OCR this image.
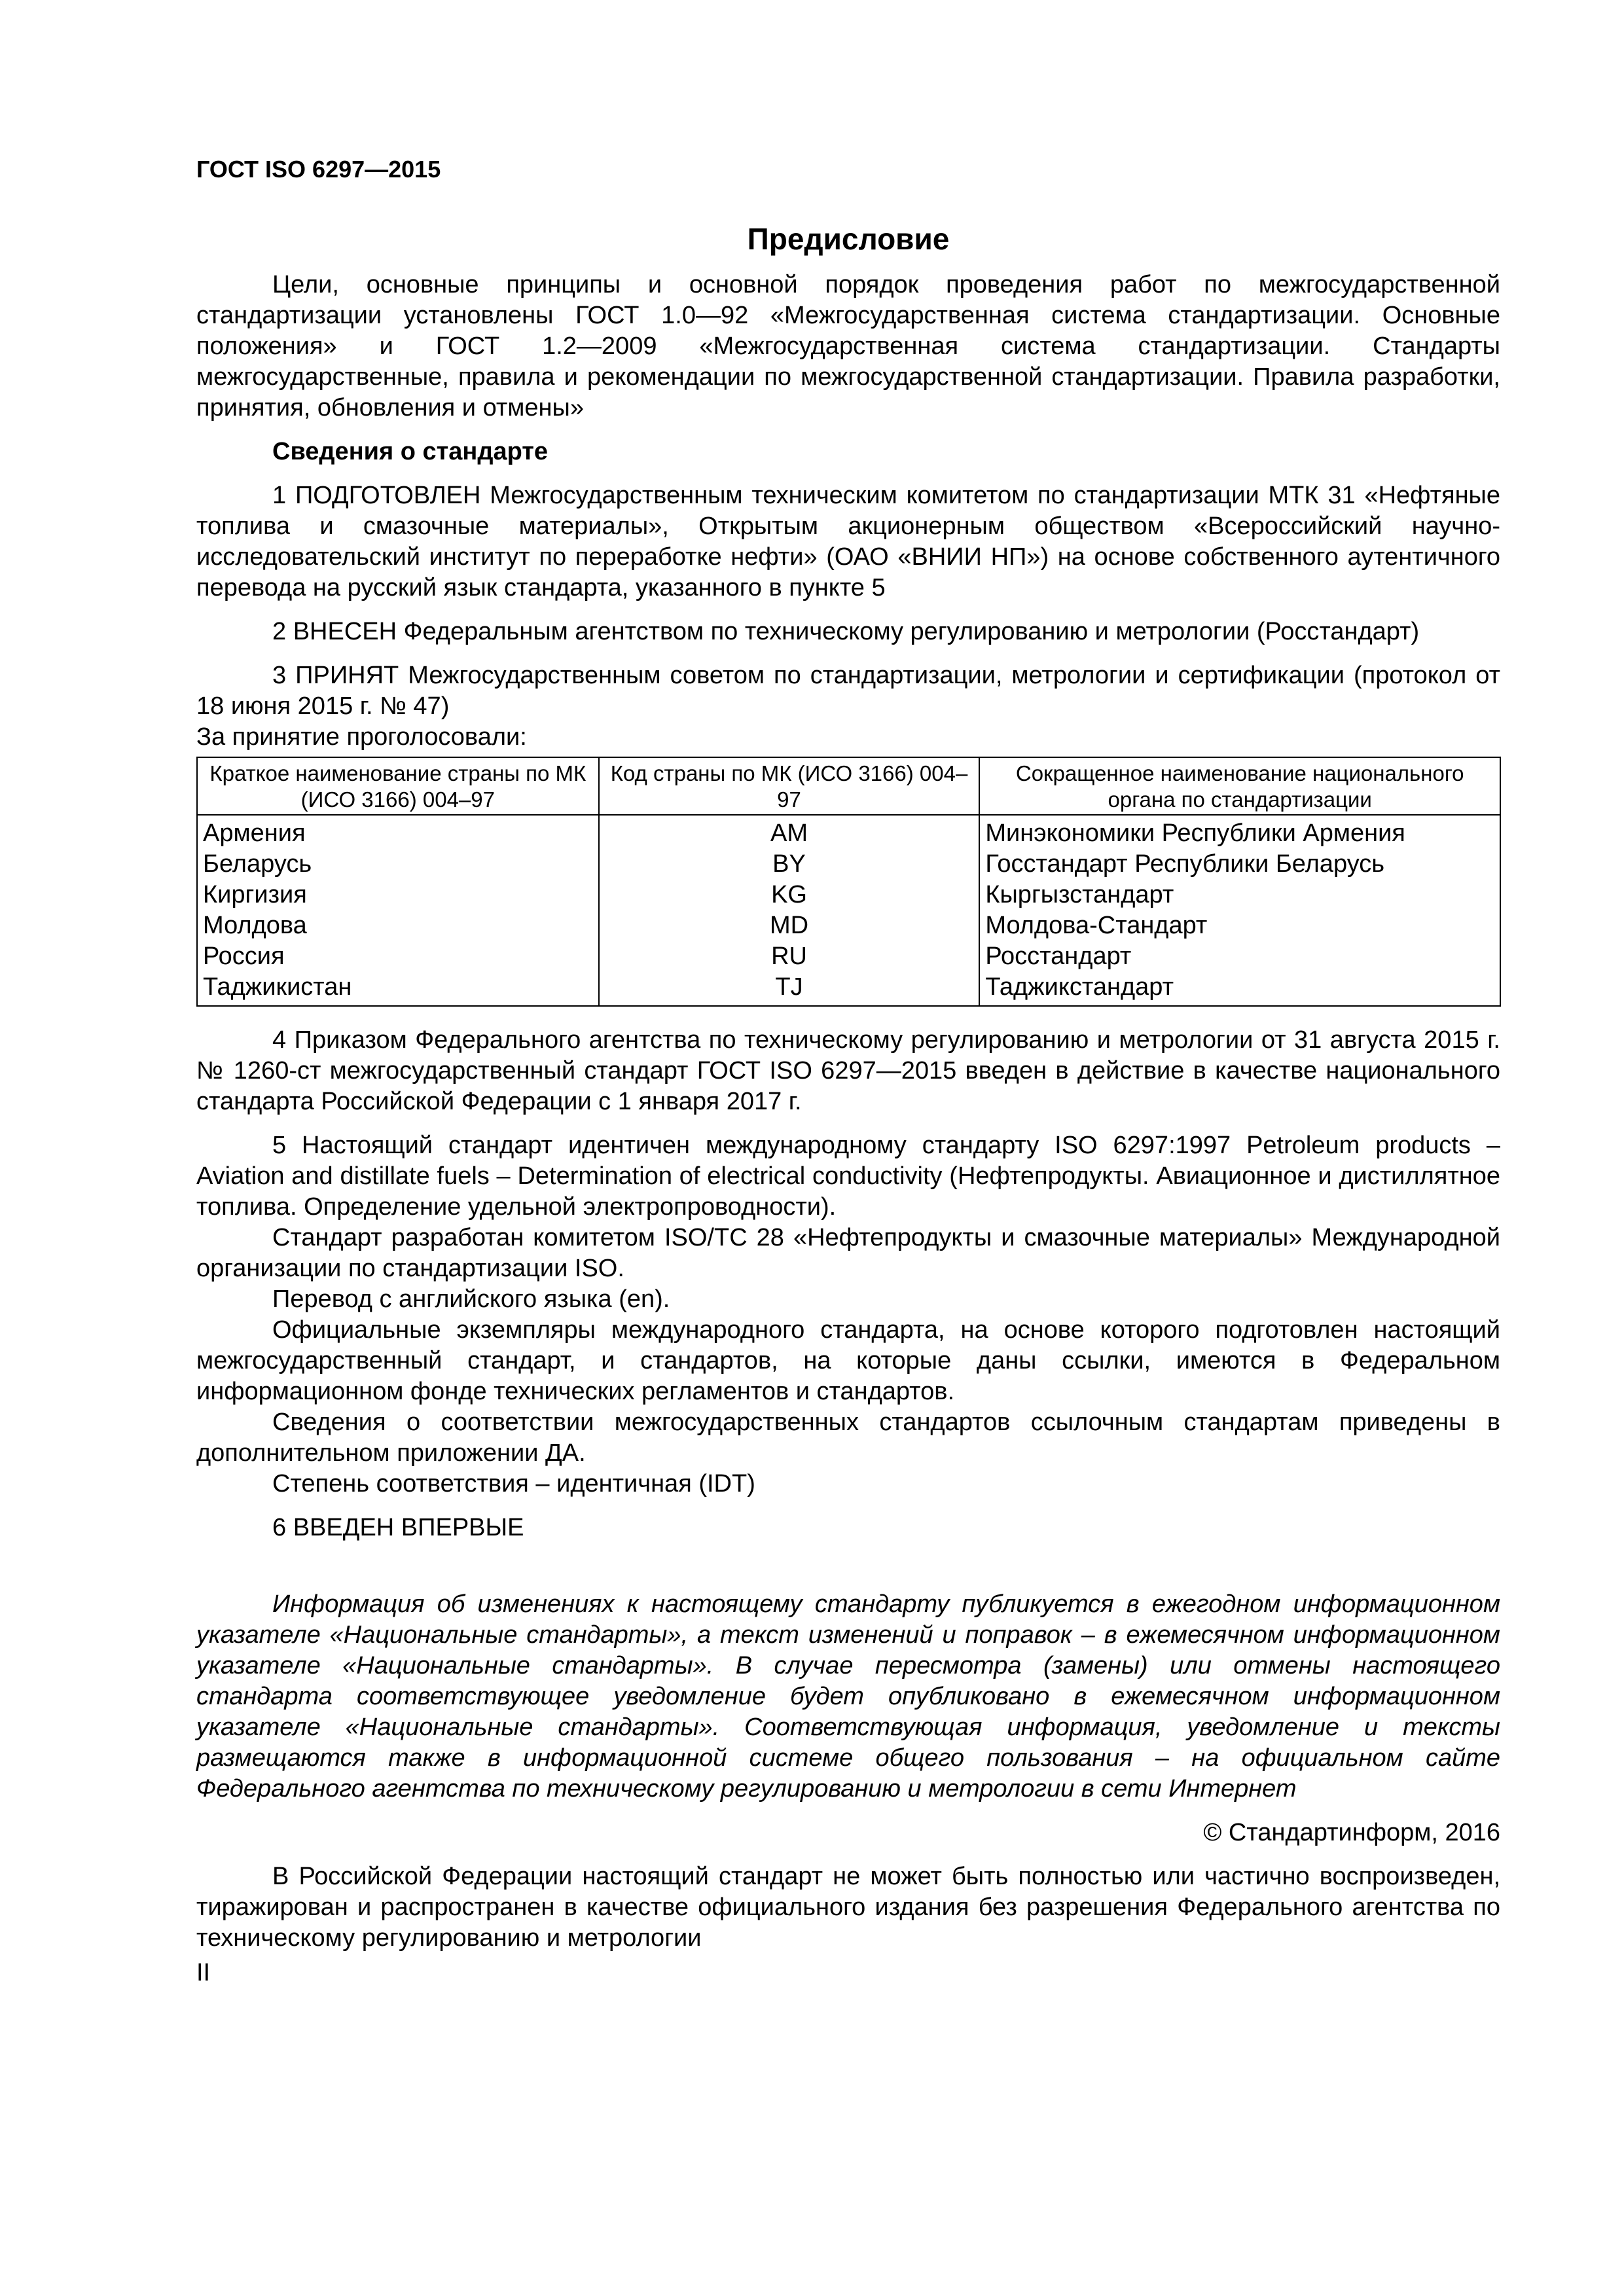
ГОСТ ISO 6297—2015
Предисловие

Цели, основные принципы и основной порядок проведения работ по межгосударственной стандартизации установлены ГОСТ 1.0—92 «Межгосударственная система стандартизации. Основные положения» и ГОСТ 1.2—2009 «Межгосударственная система стандартизации. Стандарты межгосударственные, правила и рекомендации по межгосударственной стандартизации. Правила разработки, принятия, обновления и отмены»

Сведения о стандарте

1 ПОДГОТОВЛЕН Межгосударственным техническим комитетом по стандартизации МТК 31 «Нефтяные топлива и смазочные материалы», Открытым акционерным обществом «Всероссийский научно-исследовательский институт по переработке нефти» (ОАО «ВНИИ НП») на основе собственного аутентичного перевода на русский язык стандарта, указанного в пункте 5

2 ВНЕСЕН Федеральным агентством по техническому регулированию и метрологии (Росстандарт)

3 ПРИНЯТ Межгосударственным советом по стандартизации, метрологии и сертификации (протокол от 18 июня 2015 г. № 47)

За принятие проголосовали:

Краткое наименование страны по МК (ИСО 3166) 004–97	Код страны по МК (ИСО 3166) 004–97	Сокращенное наименование национального органа по стандартизации
Армения	AM	Минэкономики Республики Армения
Беларусь	BY	Госстандарт Республики Беларусь
Киргизия	KG	Кыргызстандарт
Молдова	MD	Молдова-Стандарт
Россия	RU	Росстандарт
Таджикистан	TJ	Таджикстандарт

4 Приказом Федерального агентства по техническому регулированию и метрологии от 31 августа 2015 г. № 1260-ст межгосударственный стандарт ГОСТ ISO 6297—2015 введен в действие в качестве национального стандарта Российской Федерации с 1 января 2017 г.

5 Настоящий стандарт идентичен международному стандарту ISO 6297:1997 Petroleum products – Aviation and distillate fuels – Determination of electrical conductivity (Нефтепродукты. Авиационное и дистиллятное топлива. Определение удельной электропроводности).

Стандарт разработан комитетом ISO/TC 28 «Нефтепродукты и смазочные материалы» Международной организации по стандартизации ISO.

Перевод с английского языка (en).

Официальные экземпляры международного стандарта, на основе которого подготовлен настоящий межгосударственный стандарт, и стандартов, на которые даны ссылки, имеются в Федеральном информационном фонде технических регламентов и стандартов.

Сведения о соответствии межгосударственных стандартов ссылочным стандартам приведены в дополнительном приложении ДА.

Степень соответствия – идентичная (IDT)

6 ВВЕДЕН ВПЕРВЫЕ

Информация об изменениях к настоящему стандарту публикуется в ежегодном информационном указателе «Национальные стандарты», а текст изменений и поправок – в ежемесячном информационном указателе «Национальные стандарты». В случае пересмотра (замены) или отмены настоящего стандарта соответствующее уведомление будет опубликовано в ежемесячном информационном указателе «Национальные стандарты». Соответствующая информация, уведомление и тексты размещаются также в информационной системе общего пользования – на официальном сайте Федерального агентства по техническому регулированию и метрологии в сети Интернет

© Стандартинформ, 2016

В Российской Федерации настоящий стандарт не может быть полностью или частично воспроизведен, тиражирован и распространен в качестве официального издания без разрешения Федерального агентства по техническому регулированию и метрологии

II
